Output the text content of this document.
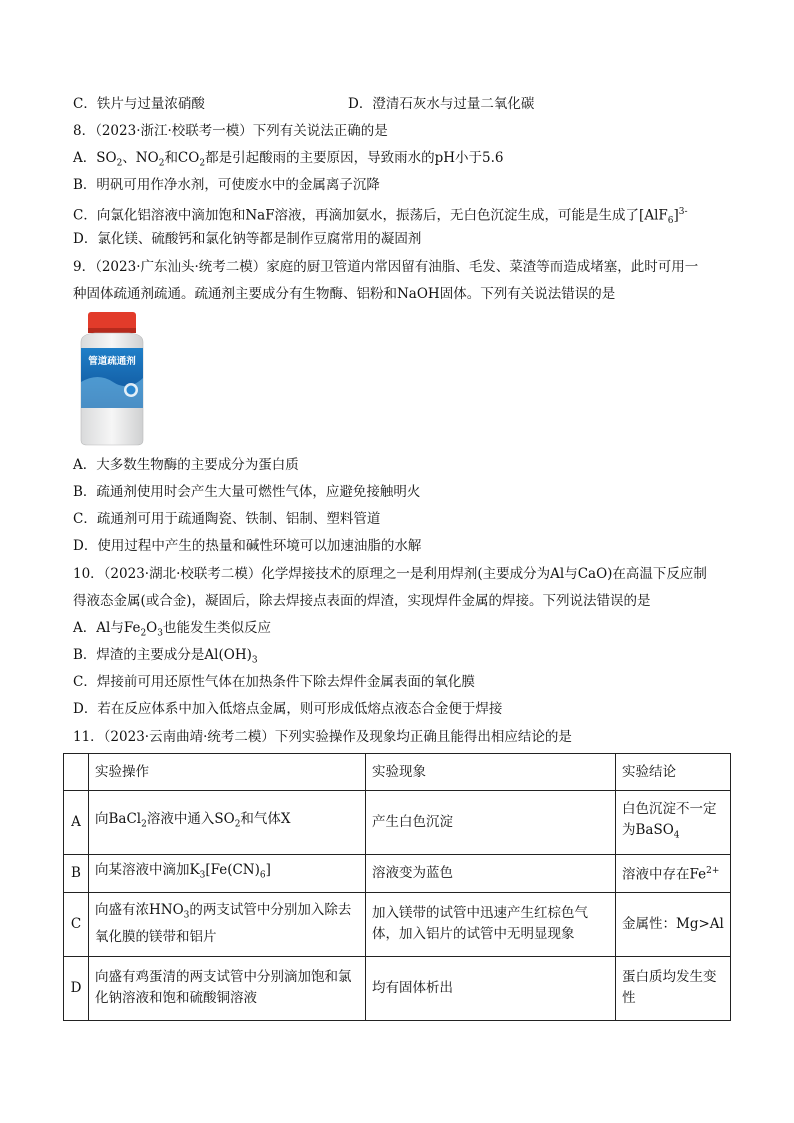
C．铁片与过量浓硝酸	D．澄清石灰水与过量二氧化碳
8．（2023·浙江·校联考一模）下列有关说法正确的是
A．$SO_2$、$NO_2$和$CO_2$都是引起酸雨的主要原因，导致雨水的pH小于5.6
B．明矾可用作净水剂，可使废水中的金属离子沉降
C．向氯化铝溶液中滴加饱和NaF溶液，再滴加氨水，振荡后，无白色沉淀生成，可能是生成了$[AlF_6]^{3-}$
D．氯化镁、硫酸钙和氯化钠等都是制作豆腐常用的凝固剂
9．（2023·广东汕头·统考二模）家庭的厨卫管道内常因留有油脂、毛发、菜渣等而造成堵塞，此时可用一
种固体疏通剂疏通。疏通剂主要成分有生物酶、铝粉和NaOH固体。下列有关说法错误的是
管道疏通剂
A．大多数生物酶的主要成分为蛋白质
B．疏通剂使用时会产生大量可燃性气体，应避免接触明火
C．疏通剂可用于疏通陶瓷、铁制、铝制、塑料管道
D．使用过程中产生的热量和碱性环境可以加速油脂的水解
10．（2023·湖北·校联考二模）化学焊接技术的原理之一是利用焊剂(主要成分为Al与CaO)在高温下反应制
得液态金属(或合金)，凝固后，除去焊接点表面的焊渣，实现焊件金属的焊接。下列说法错误的是
A．Al与$Fe_2O_3$也能发生类似反应
B．焊渣的主要成分是$Al(OH)_3$
C．焊接前可用还原性气体在加热条件下除去焊件金属表面的氧化膜
D．若在反应体系中加入低熔点金属，则可形成低熔点液态合金便于焊接
11．（2023·云南曲靖·统考二模）下列实验操作及现象均正确且能得出相应结论的是
	实验操作	实验现象	实验结论
A	向BaCl$_2$溶液中通入$SO_2$和气体X	产生白色沉淀	白色沉淀不一定为BaSO$_4$
B	向某溶液中滴加$K_3[Fe(CN)_6]$	溶液变为蓝色	溶液中存在$Fe^{2+}$
C	向盛有浓$HNO_3$的两支试管中分别加入除去氧化膜的镁带和铝片	加入镁带的试管中迅速产生红棕色气体，加入铝片的试管中无明显现象	金属性：Mg>Al
D	向盛有鸡蛋清的两支试管中分别滴加饱和氯化钠溶液和饱和硫酸铜溶液	均有固体析出	蛋白质均发生变性
